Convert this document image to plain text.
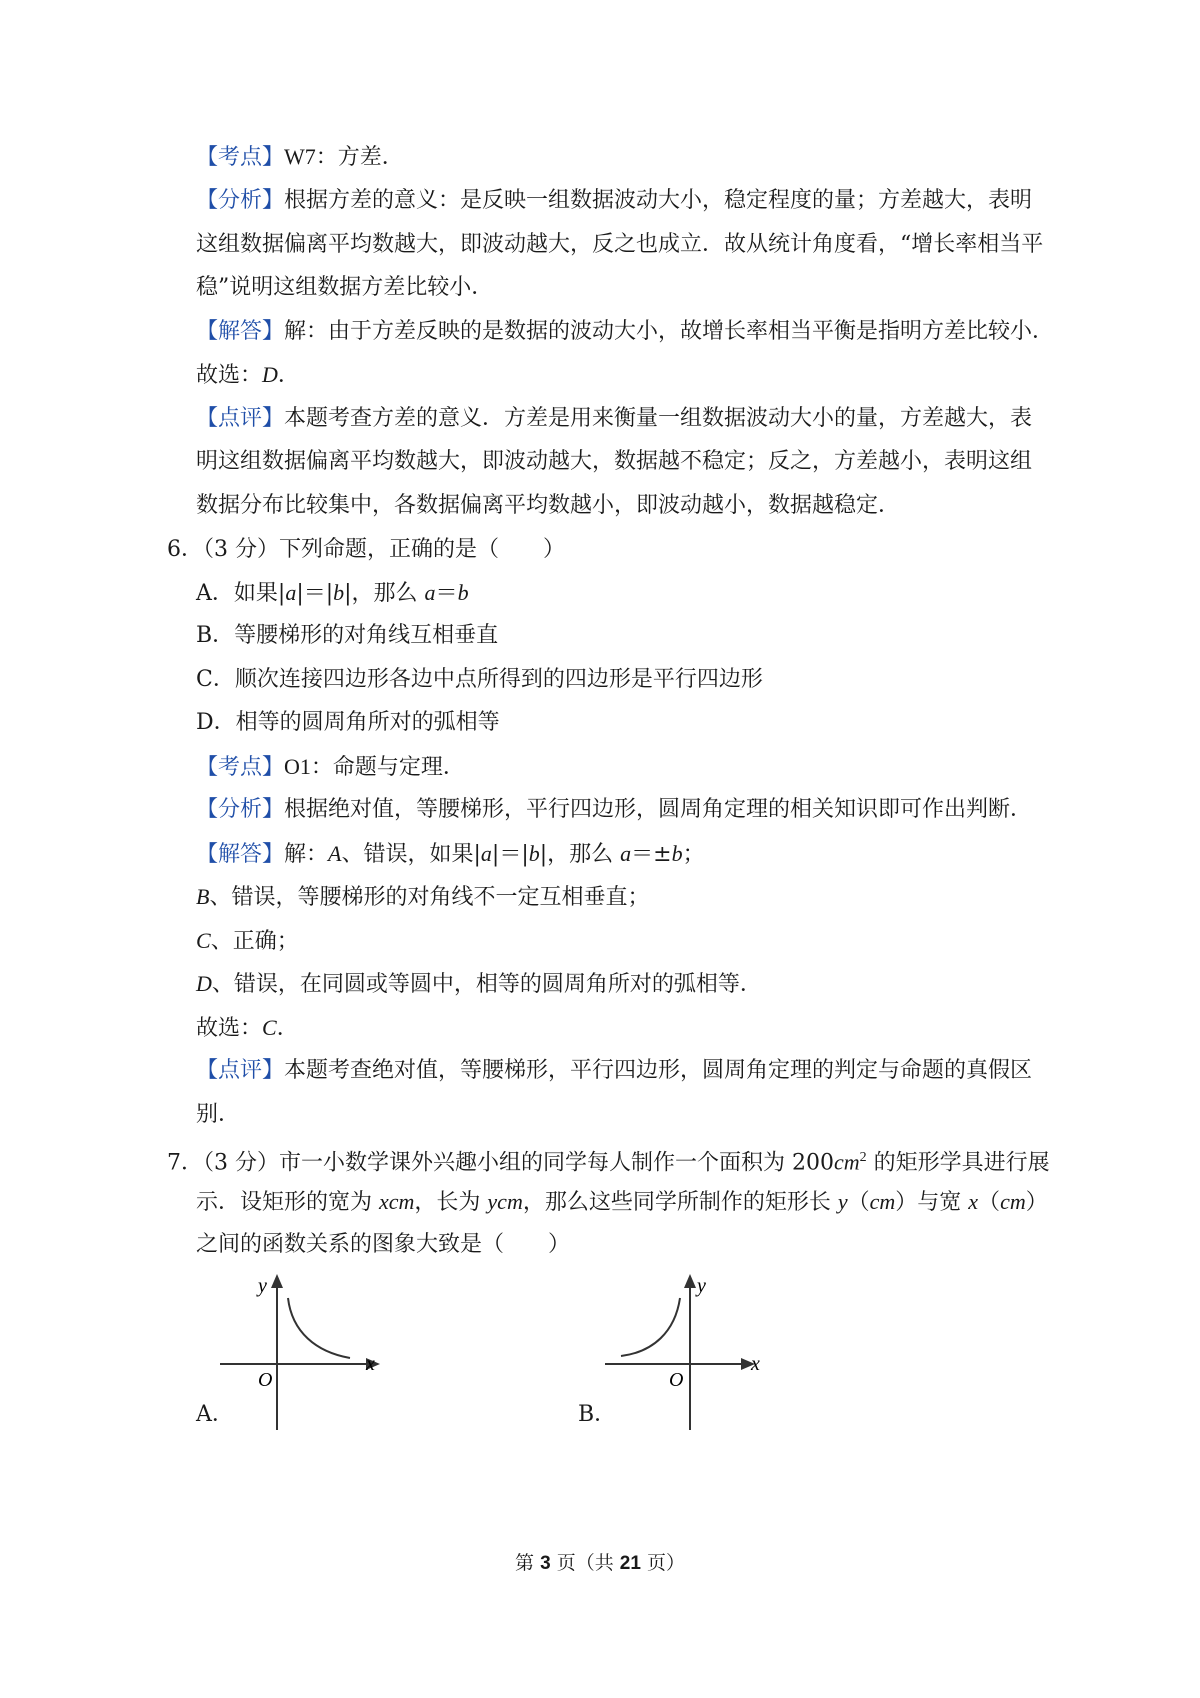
【考点】W7：方差．
【分析】根据方差的意义：是反映一组数据波动大小，稳定程度的量；方差越大，表明
这组数据偏离平均数越大，即波动越大，反之也成立．故从统计角度看，“增长率相当平
稳”说明这组数据方差比较小．
【解答】解：由于方差反映的是数据的波动大小，故增长率相当平衡是指明方差比较小．
故选：D．
【点评】本题考查方差的意义．方差是用来衡量一组数据波动大小的量，方差越大，表
明这组数据偏离平均数越大，即波动越大，数据越不稳定；反之，方差越小，表明这组
数据分布比较集中，各数据偏离平均数越小，即波动越小，数据越稳定．
6．（3 分）下列命题，正确的是（　　）
A．如果|a|＝|b|，那么 a＝b
B．等腰梯形的对角线互相垂直
C．顺次连接四边形各边中点所得到的四边形是平行四边形
D．相等的圆周角所对的弧相等
【考点】O1：命题与定理．
【分析】根据绝对值，等腰梯形，平行四边形，圆周角定理的相关知识即可作出判断．
【解答】解：A、错误，如果|a|＝|b|，那么 a＝±b；
B、错误，等腰梯形的对角线不一定互相垂直；
C、正确；
D、错误，在同圆或等圆中，相等的圆周角所对的弧相等．
故选：C．
【点评】本题考查绝对值，等腰梯形，平行四边形，圆周角定理的判定与命题的真假区
别．
7．（3 分）市一小数学课外兴趣小组的同学每人制作一个面积为 $200cm^2$ 的矩形学具进行展
示．设矩形的宽为 xcm，长为 ycm，那么这些同学所制作的矩形长 y（cm）与宽 x（cm）
之间的函数关系的图象大致是（　　）
A．
y
x
O
B．
y
x
O
第 3 页（共 21 页）
